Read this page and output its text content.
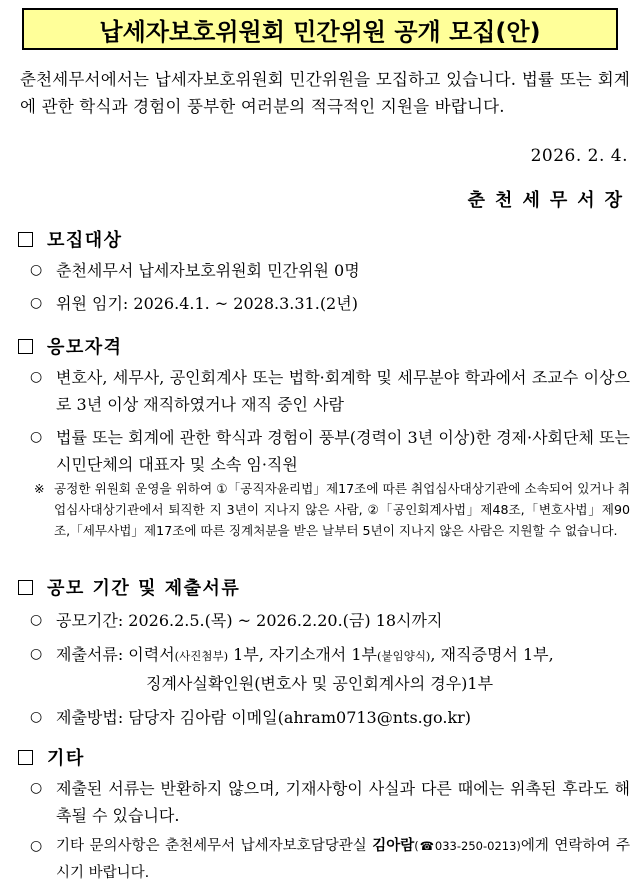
납세자보호위원회 민간위원 공개 모집(안)
춘천세무서에서는 납세자보호위원회 민간위원을 모집하고 있습니다. 법률 또는 회계에 관한 학식과 경험이 풍부한 여러분의 적극적인 지원을 바랍니다.
2026. 2. 4.
춘천세무서장
모집대상
○ 춘천세무서 납세자보호위원회 민간위원 0명
○ 위원 임기: 2026.4.1. ~ 2028.3.31.(2년)
응모자격
○ 변호사, 세무사, 공인회계사 또는 법학·회계학 및 세무분야 학과에서 조교수 이상으로 3년 이상 재직하였거나 재직 중인 사람
○ 법률 또는 회계에 관한 학식과 경험이 풍부(경력이 3년 이상)한 경제·사회단체 또는 시민단체의 대표자 및 소속 임·직원
※ 공정한 위원회 운영을 위하여 ①「공직자윤리법」제17조에 따른 취업심사대상기관에 소속되어 있거나 취업심사대상기관에서 퇴직한 지 3년이 지나지 않은 사람, ②「공인회계사법」제48조,「변호사법」제90조,「세무사법」제17조에 따른 징계처분을 받은 날부터 5년이 지나지 않은 사람은 지원할 수 없습니다.
공모 기간 및 제출서류
○ 공모기간: 2026.2.5.(목) ~ 2026.2.20.(금) 18시까지
○ 제출서류: 이력서(사진첨부) 1부, 자기소개서 1부(붙임양식), 재직증명서 1부,
징계사실확인원(변호사 및 공인회계사의 경우)1부
○ 제출방법: 담당자 김아람 이메일(ahram0713@nts.go.kr)
기타
○ 제출된 서류는 반환하지 않으며, 기재사항이 사실과 다른 때에는 위촉된 후라도 해촉될 수 있습니다.
○ 기타 문의사항은 춘천세무서 납세자보호담당관실 김아람(☎033-250-0213)에게 연락하여 주시기 바랍니다.
